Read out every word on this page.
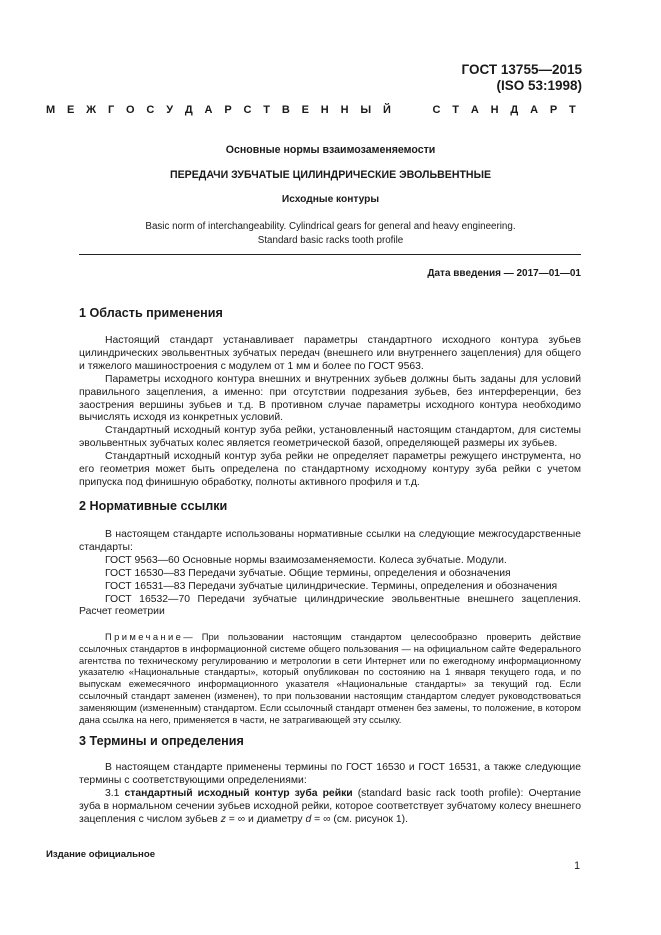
ГОСТ 13755—2015
(ISO 53:1998)
М Е Ж Г О С У Д А Р С Т В Е Н Н Ы Й

	С Т А Н Д А Р Т
Основные нормы взаимозаменяемости
ПЕРЕДАЧИ ЗУБЧАТЫЕ ЦИЛИНДРИЧЕСКИЕ ЭВОЛЬВЕНТНЫЕ
Исходные контуры
Basic norm of interchangeability. Cylindrical gears for general and heavy engineering.
Standard basic racks tooth profile
Дата введения — 2017—01—01
1 Область применения

Настоящий стандарт устанавливает параметры стандартного исходного контура зубьев цилиндрических эвольвентных зубчатых передач (внешнего или внутреннего зацепления) для общего и тяжелого машиностроения с модулем от 1 мм и более по ГОСТ 9563.

Параметры исходного контура внешних и внутренних зубьев должны быть заданы для условий правильного зацепления, а именно: при отсутствии подрезания зубьев, без интерференции, без заострения вершины зубьев и т.д. В противном случае параметры исходного контура необходимо вычислять исходя из конкретных условий.

Стандартный исходный контур зуба рейки, установленный настоящим стандартом, для системы эвольвентных зубчатых колес является геометрической базой, определяющей размеры их зубьев.

Стандартный исходный контур зуба рейки не определяет параметры режущего инструмента, но его геометрия может быть определена по стандартному исходному контуру зуба рейки с учетом припуска под финишную обработку, полноты активного профиля и т.д.

2 Нормативные ссылки

В настоящем стандарте использованы нормативные ссылки на следующие межгосударственные стандарты:

ГОСТ 9563—60 Основные нормы взаимозаменяемости. Колеса зубчатые. Модули.

ГОСТ 16530—83 Передачи зубчатые. Общие термины, определения и обозначения

ГОСТ 16531—83 Передачи зубчатые цилиндрические. Термины, определения и обозначения

ГОСТ 16532—70 Передачи зубчатые цилиндрические эвольвентные внешнего зацепления.

Расчет геометрии

Примечание— При пользовании настоящим стандартом целесообразно проверить действие ссылочных стандартов в информационной системе общего пользования — на официальном сайте Федерального агентства по техническому регулированию и метрологии в сети Интернет или по ежегодному информационному указателю «Национальные стандарты», который опубликован по состоянию на 1 января текущего года, и по выпускам ежемесячного информационного указателя «Национальные стандарты» за текущий год. Если ссылочный стандарт заменен (изменен), то при пользовании настоящим стандартом следует руководствоваться заменяющим (измененным) стандартом. Если ссылочный стандарт отменен без замены, то положение, в котором дана ссылка на него, применяется в части, не затрагивающей эту ссылку.
3 Термины и определения

В настоящем стандарте применены термины по ГОСТ 16530 и ГОСТ 16531, а также следующие термины с соответствующими определениями:

3.1 стандартный исходный контур зуба рейки (standard basic rack tooth profile): Очертание зуба в нормальном сечении зубьев исходной рейки, которое соответствует зубчатому колесу внешнего зацепления с числом зубьев z = ∞ и диаметру d = ∞ (см. рисунок 1).

Издание официальное
1
